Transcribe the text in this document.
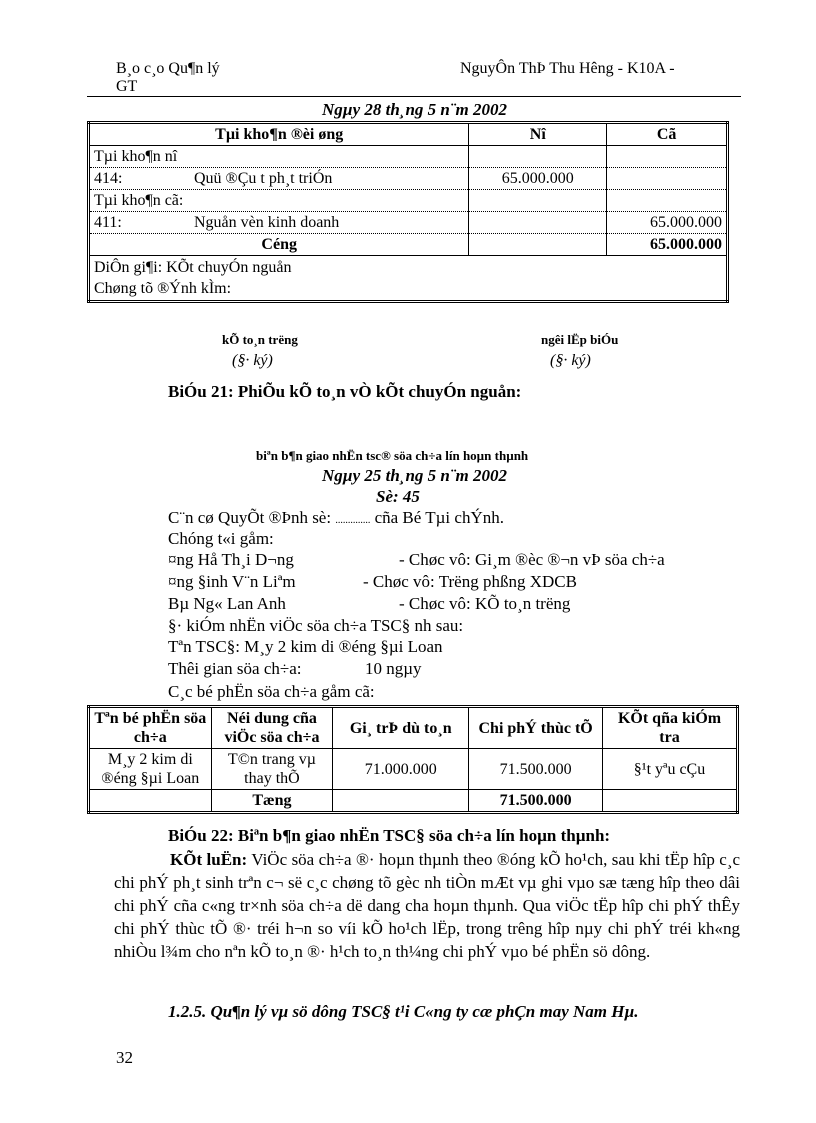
B¸o c¸o Qu¶n lý
GT
NguyÔn ThÞ Thu Hêng - K10A -
Ngµy 28 th¸ng 5 n¨m 2002
Tµi kho¶n ®èi øng	Nî	Cã
Tµi kho¶n nî		
414: Quü ®Çu t ph¸t triÓn	65.000.000	
Tµi kho¶n cã:		
411: Nguån vèn kinh doanh		65.000.000
Céng		65.000.000

DiÔn gi¶i: KÕt chuyÓn nguån
Chøng tõ ®Ýnh kÌm:		
kÕ to¸n trëng
(§· ký)
ngêi lËp biÓu
(§· ký)
BiÓu 21: PhiÕu kÕ to¸n vÒ kÕt chuyÓn nguån:
biªn b¶n giao nhËn tsc® söa ch÷a lín hoµn thµnh
Ngµy 25 th¸ng 5 n¨m 2002
Sè: 45
C¨n cø QuyÕt ®Þnh sè: .............. cña Bé Tµi chÝnh.
Chóng t«i gåm:
¤ng Hå Th¸i D¬ng	- Chøc vô: Gi¸m ®èc ®¬n vÞ söa ch÷a
¤ng §inh V¨n Liªm	- Chøc vô: Trëng phßng XDCB
Bµ Ng« Lan Anh	- Chøc vô: KÕ to¸n trëng
§· kiÓm nhËn viÖc söa ch÷a TSC§ nh sau:
Tªn TSC§: M¸y 2 kim di ®éng §µi Loan
Thêi gian söa ch÷a:	10 ngµy
C¸c bé phËn söa ch÷a gåm cã:
Tªn bé phËn söa ch÷a	Néi dung cña viÖc söa ch÷a	Gi¸ trÞ dù to¸n	Chi phÝ thùc tÕ	KÕt qña kiÓm tra
M¸y 2 kim di ®éng §µi Loan	T©n trang vµ thay thÕ	71.000.000	71.500.000	§¹t yªu cÇu
	Tæng		71.500.000	
BiÓu 22: Biªn b¶n giao nhËn TSC§ söa ch÷a lín hoµn thµnh:
KÕt luËn: ViÖc söa ch÷a ®· hoµn thµnh theo ®óng kÕ ho¹ch, sau khi tËp hîp c¸c chi phÝ ph¸t sinh trªn c¬ së c¸c chøng tõ gèc nh tiÒn mÆt vµ ghi vµo sæ tæng hîp theo dâi chi phÝ cña c«ng tr×nh söa ch÷a dë dang cha hoµn thµnh. Qua viÖc tËp hîp chi phÝ thÊy chi phÝ thùc tÕ ®· tréi h¬n so víi kÕ ho¹ch lËp, trong trêng hîp nµy chi phÝ tréi kh«ng nhiÒu l¾m cho nªn kÕ to¸n ®· h¹ch to¸n th¼ng chi phÝ vµo bé phËn sö dông.
1.2.5. Qu¶n lý vµ sö dông TSC§ t¹i C«ng ty cæ phÇn may Nam Hµ.
32
